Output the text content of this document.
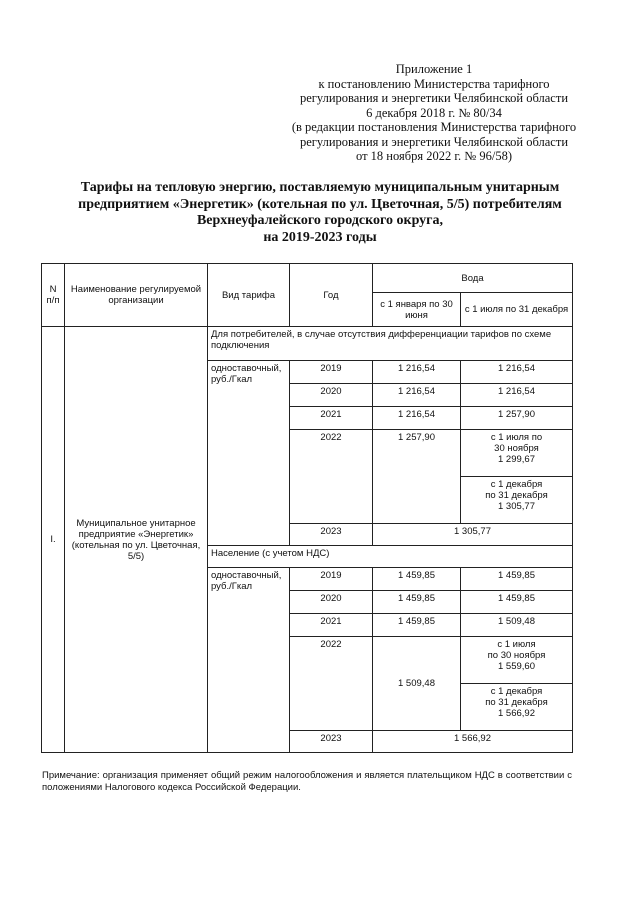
Приложение 1
к постановлению Министерства тарифного
регулирования и энергетики Челябинской области
6 декабря 2018 г. № 80/34
(в редакции постановления Министерства тарифного
регулирования и энергетики Челябинской области
от 18 ноября 2022 г. № 96/58)
Тарифы на тепловую энергию, поставляемую муниципальным унитарным
предприятием «Энергетик» (котельная по ул. Цветочная, 5/5) потребителям
Верхнеуфалейского городского округа,
на 2019-2023 годы
N п/п	Наименование регулируемой организации	Вид тарифа	Год	Вода	
				с 1 января по 30 июня	с 1 июля по 31 декабря
I.	Муниципальное унитарное предприятие «Энергетик» (котельная по ул. Цветочная, 5/5)	Для потребителей, в случае отсутствия дифференциации тарифов по схеме подключения			
		одноставочный, руб./Гкал	2019	1 216,54	1 216,54
			2020	1 216,54	1 216,54
			2021	1 216,54	1 257,90
			2022	1 257,90	с 1 июля по
30 ноября
1 299,67

					с 1 декабря
по 31 декабря
1 305,77

			2023	1 305,77	
		Население (с учетом НДС)			
		одноставочный, руб./Гкал	2019	1 459,85	1 459,85
			2020	1 459,85	1 459,85
			2021	1 459,85	1 509,48
			2022	1 509,48	с 1 июля
по 30 ноября
1 559,60

					с 1 декабря
по 31 декабря
1 566,92

			2023	1 566,92	
Примечание: организация применяет общий режим налогообложения и является плательщиком НДС в соответствии с положениями Налогового кодекса Российской Федерации.
